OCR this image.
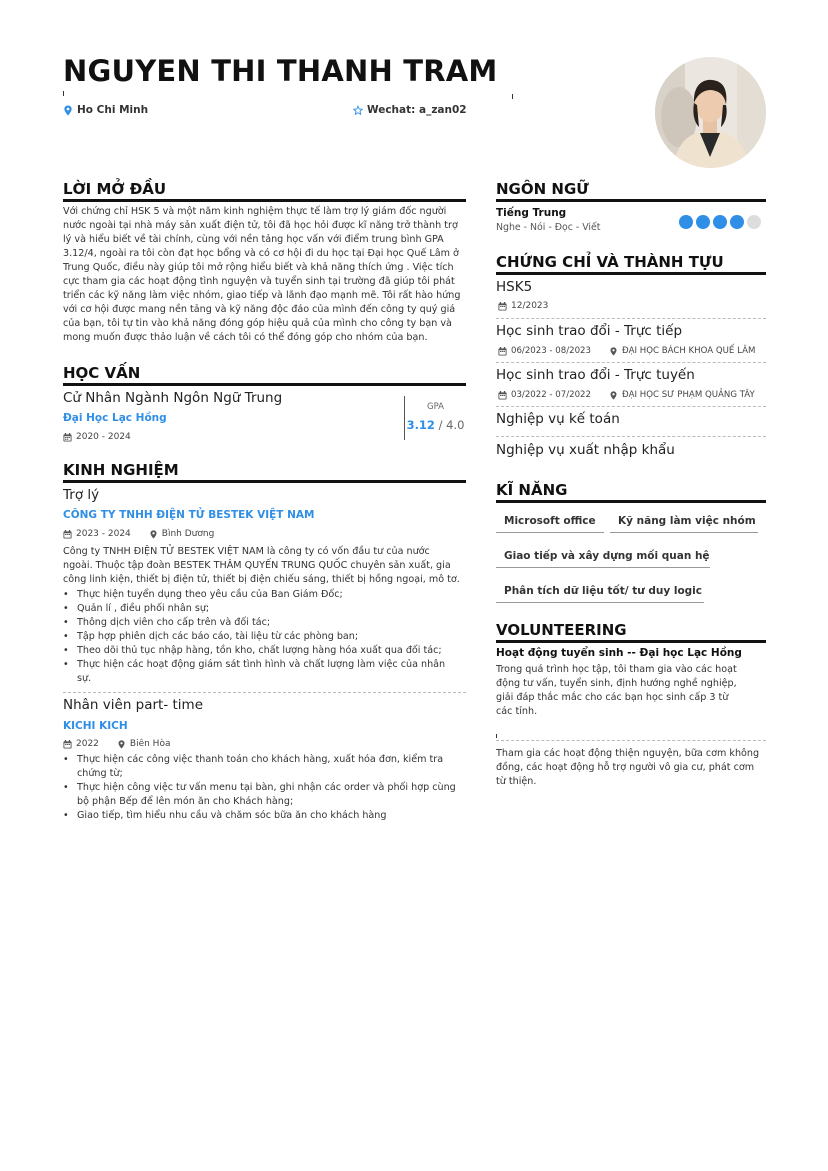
NGUYEN THI THANH TRAM
Ho Chi Minh	Wechat: a_zan02
LỜI MỞ ĐẦU
Với chứng chỉ HSK 5 và một năm kinh nghiệm thực tế làm trợ lý giám đốc người
nước ngoài tại nhà máy sản xuất điện tử, tôi đã học hỏi được kĩ năng trở thành trợ
lý và hiểu biết về tài chính, cùng với nền tảng học vấn với điểm trung bình GPA
3.12/4, ngoài ra tôi còn đạt học bổng và có cơ hội đi du học tại Đại học Quế Lâm ở
Trung Quốc, điều này giúp tôi mở rộng hiểu biết và khả năng thích ứng . Việc tích
cực tham gia các hoạt động tình nguyện và tuyển sinh tại trường đã giúp tôi phát
triển các kỹ năng làm việc nhóm, giao tiếp và lãnh đạo mạnh mẽ. Tôi rất hào hứng
với cơ hội được mang nền tảng và kỹ năng độc đáo của mình đến công ty quý giá
của bạn, tôi tự tin vào khả năng đóng góp hiệu quả của mình cho công ty bạn và
mong muốn được thảo luận về cách tôi có thể đóng góp cho nhóm của bạn.
HỌC VẤN
Cử Nhân Ngành Ngôn Ngữ Trung
Đại Học Lạc Hồng
2020 - 2024
GPA
3.12 / 4.0
KINH NGHIỆM
Trợ lý
CÔNG TY TNHH ĐIỆN TỬ BESTEK VIỆT NAM
2023 - 2024	Bình Dương
Công ty TNHH ĐIỆN TỬ BESTEK VIỆT NAM là công ty có vốn đầu tư của nước
ngoài. Thuộc tập đoàn BESTEK THÂM QUYẾN TRUNG QUỐC chuyên sản xuất, gia
công linh kiện, thiết bị điện tử, thiết bị điện chiếu sáng, thiết bị hồng ngoại, mô tơ.
• Thực hiện tuyển dụng theo yêu cầu của Ban Giám Đốc;
• Quản lí , điều phối nhân sự;
• Thông dịch viên cho cấp trên và đối tác;
• Tập hợp phiên dịch các báo cáo, tài liệu từ các phòng ban;
• Theo dõi thủ tục nhập hàng, tồn kho, chất lượng hàng hóa xuất qua đối tác;
• Thực hiện các hoạt động giám sát tình hình và chất lượng làm việc của nhân sự.
Nhân viên part- time
KICHI KICH
2022	Biên Hòa
• Thực hiện các công việc thanh toán cho khách hàng, xuất hóa đơn, kiểm tra chứng từ;
• Thực hiện công việc tư vấn menu tại bàn, ghi nhận các order và phối hợp cùng bộ phận Bếp để lên món ăn cho Khách hàng;
• Giao tiếp, tìm hiểu nhu cầu và chăm sóc bữa ăn cho khách hàng
NGÔN NGỮ
Tiếng Trung
Nghe - Nói - Đọc - Viết
CHỨNG CHỈ VÀ THÀNH TỰU
HSK5
12/2023
Học sinh trao đổi - Trực tiếp
06/2023 - 08/2023	ĐẠI HỌC BÁCH KHOA QUẾ LÂM
Học sinh trao đổi - Trực tuyến
03/2022 - 07/2022	ĐẠI HỌC SƯ PHẠM QUẢNG TÂY
Nghiệp vụ kế toán
Nghiệp vụ xuất nhập khẩu
KĨ NĂNG
Microsoft office	Kỹ năng làm việc nhóm
Giao tiếp và xây dựng mối quan hệ
Phân tích dữ liệu tốt/ tư duy logic
VOLUNTEERING
Hoạt động tuyển sinh -- Đại học Lạc Hồng
Trong quá trình học tập, tôi tham gia vào các hoạt
động tư vấn, tuyển sinh, định hướng nghề nghiệp,
giải đáp thắc mắc cho các bạn học sinh cấp 3 từ
các tỉnh.
Tham gia các hoạt động thiện nguyện, bữa cơm không
đồng, các hoạt động hỗ trợ người vô gia cư, phát cơm
từ thiện.
